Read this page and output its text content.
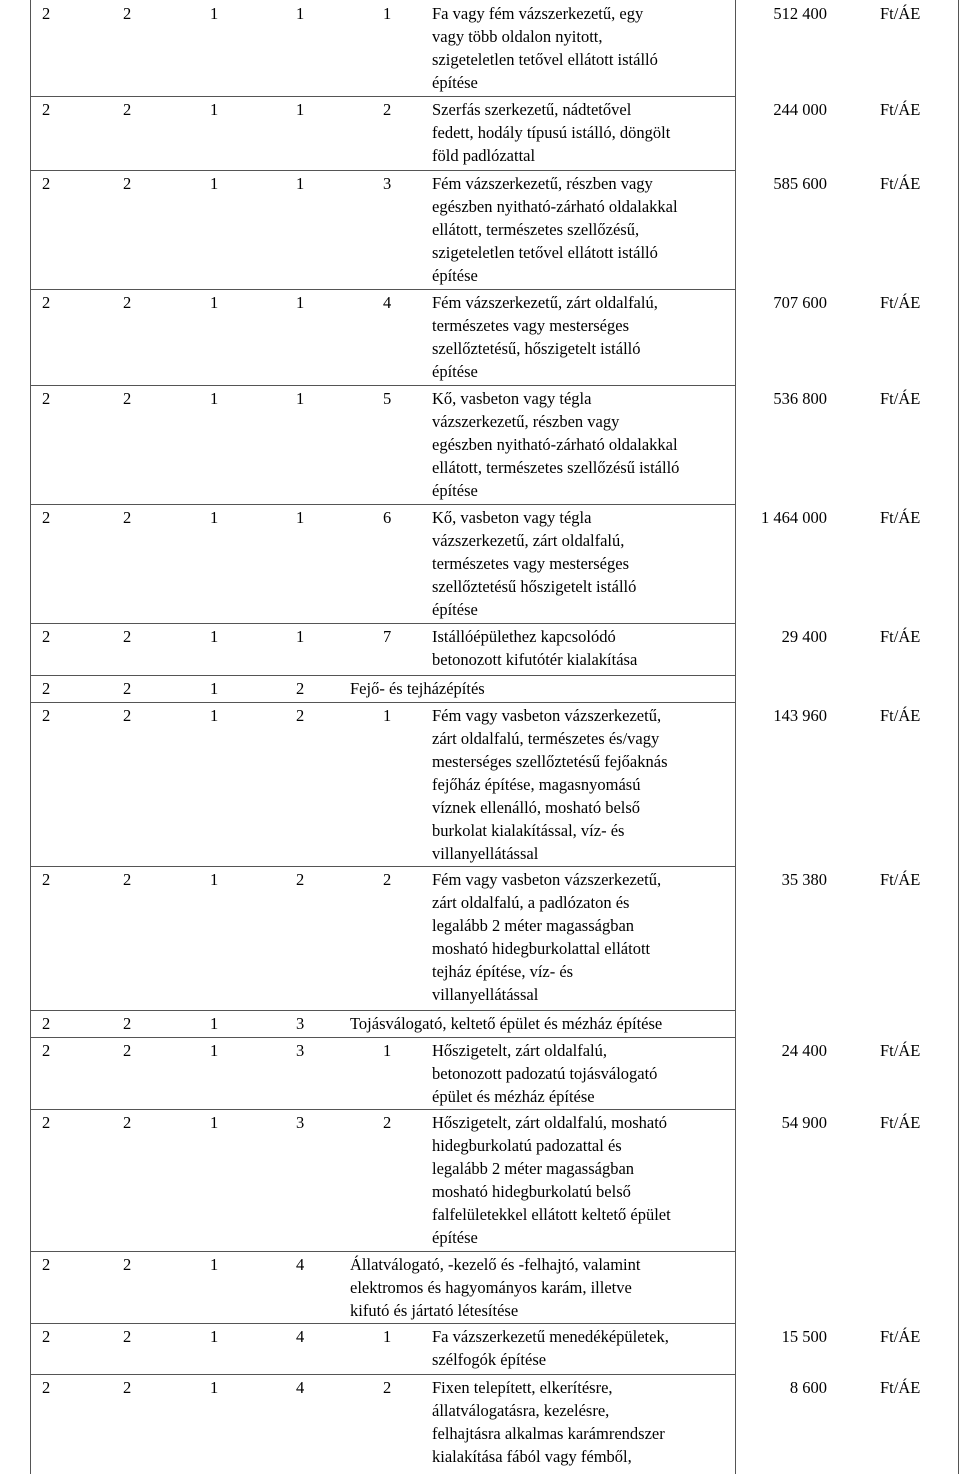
2	2	1	1	1 Fa vagy fém vázszerkezetű, egy
vagy több oldalon nyitott,
szigeteletlen tetővel ellátott istálló
építése
512 400	Ft/ÁE
2	2	1	1	2 Szerfás szerkezetű, nádtetővel
fedett, hodály típusú istálló, döngölt
föld padlózattal
244 000	Ft/ÁE
2	2	1	1	3 Fém vázszerkezetű, részben vagy
egészben nyitható-zárható oldalakkal
ellátott, természetes szellőzésű,
szigeteletlen tetővel ellátott istálló
építése
585 600	Ft/ÁE
2	2	1	1	4 Fém vázszerkezetű, zárt oldalfalú,
természetes vagy mesterséges
szellőztetésű, hőszigetelt istálló
építése
707 600	Ft/ÁE
2	2	1	1	5 Kő, vasbeton vagy tégla
vázszerkezetű, részben vagy
egészben nyitható-zárható oldalakkal
ellátott, természetes szellőzésű istálló
építése
536 800	Ft/ÁE
2	2	1	1	6 Kő, vasbeton vagy tégla
vázszerkezetű, zárt oldalfalú,
természetes vagy mesterséges
szellőztetésű hőszigetelt istálló
építése
1 464 000	Ft/ÁE
2	2	1	1	7 Istállóépülethez kapcsolódó
betonozott kifutótér kialakítása
29 400	Ft/ÁE
2	2	1	2	Fejő- és tejházépítés
2	2	1	2	1 Fém vagy vasbeton vázszerkezetű,
zárt oldalfalú, természetes és/vagy
mesterséges szellőztetésű fejőaknás
fejőház építése, magasnyomású
víznek ellenálló, mosható belső
burkolat kialakítással, víz- és
villanyellátással
143 960	Ft/ÁE
2	2	1	2	2 Fém vagy vasbeton vázszerkezetű,
zárt oldalfalú, a padlózaton és
legalább 2 méter magasságban
mosható hidegburkolattal ellátott
tejház építése, víz- és
villanyellátással
35 380	Ft/ÁE
2	2	1	3	Tojásválogató, keltető épület és mézház építése
2	2	1	3	1 Hőszigetelt, zárt oldalfalú,
betonozott padozatú tojásválogató
épület és mézház építése
24 400	Ft/ÁE
2	2	1	3	2 Hőszigetelt, zárt oldalfalú, mosható
hidegburkolatú padozattal és
legalább 2 méter magasságban
mosható hidegburkolatú belső
falfelületekkel ellátott keltető épület
építése
54 900	Ft/ÁE
2	2	1	4	Állatválogató, -kezelő és -felhajtó, valamint
elektromos és hagyományos karám, illetve
kifutó és jártató létesítése
2	2	1	4	1 Fa vázszerkezetű menedéképületek,
szélfogók építése
15 500	Ft/ÁE
2	2	1	4	2 Fixen telepített, elkerítésre,
állatválogatásra, kezelésre,
felhajtásra alkalmas karámrendszer
kialakítása fából vagy fémből,
8 600	Ft/ÁE
